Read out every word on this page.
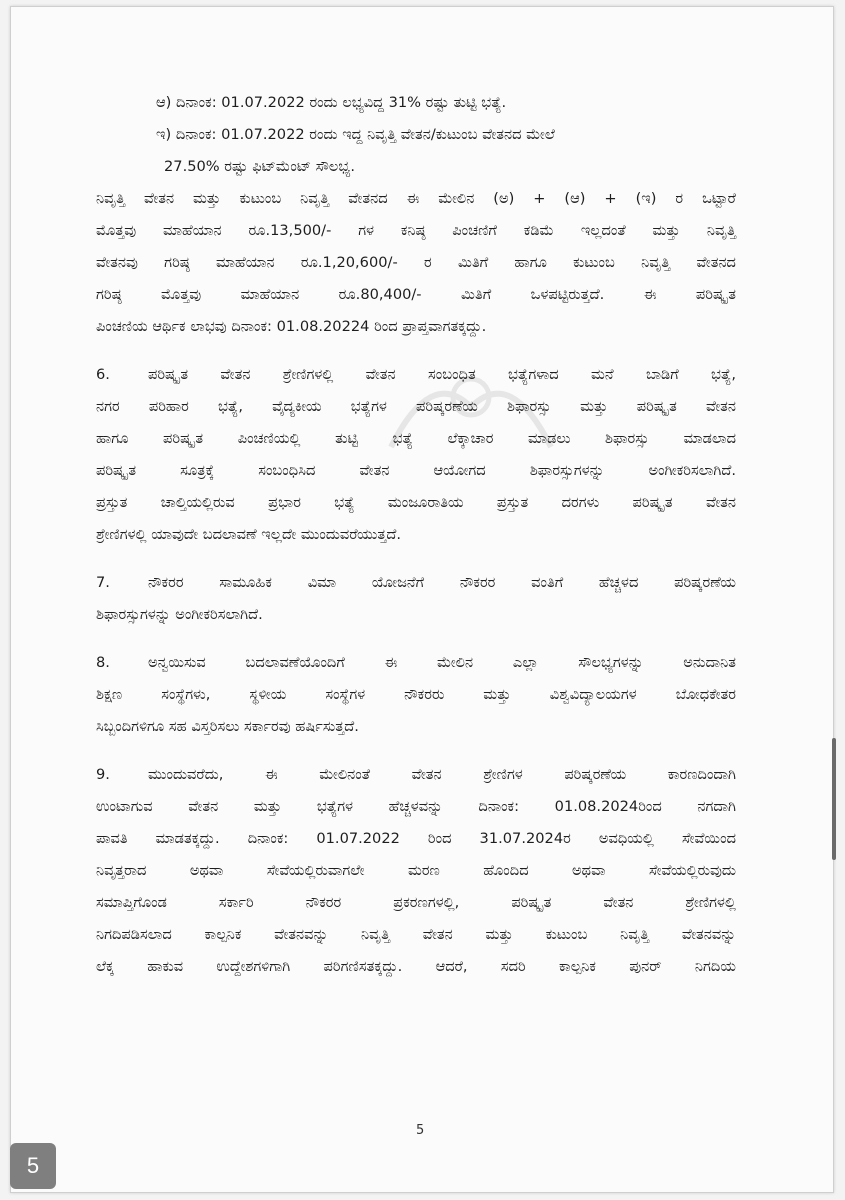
ಆ) ದಿನಾಂಕ: 01.07.2022 ರಂದು ಲಭ್ಯವಿದ್ದ 31% ರಷ್ಟು ತುಟ್ಟಿ ಭತ್ಯೆ.
ಇ) ದಿನಾಂಕ: 01.07.2022 ರಂದು ಇದ್ದ ನಿವೃತ್ತಿ ವೇತನ/ಕುಟುಂಬ ವೇತನದ ಮೇಲೆ
27.50% ರಷ್ಟು ಫಿಟ್‌ಮೆಂಟ್ ಸೌಲಭ್ಯ.
ನಿವೃತ್ತಿ ವೇತನ ಮತ್ತು ಕುಟುಂಬ ನಿವೃತ್ತಿ ವೇತನದ ಈ ಮೇಲಿನ (ಅ) + (ಆ) + (ಇ) ರ ಒಟ್ಟಾರೆ
ಮೊತ್ತವು ಮಾಹೆಯಾನ ರೂ.13,500/- ಗಳ ಕನಿಷ್ಠ ಪಿಂಚಣಿಗೆ ಕಡಿಮೆ ಇಲ್ಲದಂತೆ ಮತ್ತು ನಿವೃತ್ತಿ
ವೇತನವು ಗರಿಷ್ಠ ಮಾಹೆಯಾನ ರೂ.1,20,600/- ರ ಮಿತಿಗೆ ಹಾಗೂ ಕುಟುಂಬ ನಿವೃತ್ತಿ ವೇತನದ
ಗರಿಷ್ಠ ಮೊತ್ತವು ಮಾಹೆಯಾನ ರೂ.80,400/- ಮಿತಿಗೆ ಒಳಪಟ್ಟಿರುತ್ತದೆ. ಈ ಪರಿಷ್ಕೃತ
ಪಿಂಚಣಿಯ ಆರ್ಥಿಕ ಲಾಭವು ದಿನಾಂಕ: 01.08.20224 ರಿಂದ ಪ್ರಾಪ್ತವಾಗತಕ್ಕದ್ದು.
6.	ಪರಿಷ್ಕೃತ ವೇತನ ಶ್ರೇಣಿಗಳಲ್ಲಿ ವೇತನ ಸಂಬಂಧಿತ ಭತ್ಯೆಗಳಾದ ಮನೆ ಬಾಡಿಗೆ ಭತ್ಯೆ,
ನಗರ ಪರಿಹಾರ ಭತ್ಯೆ, ವೈದ್ಯಕೀಯ ಭತ್ಯೆಗಳ ಪರಿಷ್ಕರಣೆಯ ಶಿಫಾರಸ್ಸು ಮತ್ತು ಪರಿಷ್ಕೃತ ವೇತನ
ಹಾಗೂ ಪರಿಷ್ಕೃತ ಪಿಂಚಣಿಯಲ್ಲಿ ತುಟ್ಟಿ ಭತ್ಯೆ ಲೆಕ್ಕಾಚಾರ ಮಾಡಲು ಶಿಫಾರಸ್ಸು ಮಾಡಲಾದ
ಪರಿಷ್ಕೃತ ಸೂತ್ರಕ್ಕೆ ಸಂಬಂಧಿಸಿದ ವೇತನ ಆಯೋಗದ ಶಿಫಾರಸ್ಸುಗಳನ್ನು ಅಂಗೀಕರಿಸಲಾಗಿದೆ.
ಪ್ರಸ್ತುತ ಚಾಲ್ತಿಯಲ್ಲಿರುವ ಪ್ರಭಾರ ಭತ್ಯೆ ಮಂಜೂರಾತಿಯ ಪ್ರಸ್ತುತ ದರಗಳು ಪರಿಷ್ಕೃತ ವೇತನ
ಶ್ರೇಣಿಗಳಲ್ಲಿ ಯಾವುದೇ ಬದಲಾವಣೆ ಇಲ್ಲದೇ ಮುಂದುವರೆಯುತ್ತದೆ.
7.	ನೌಕರರ ಸಾಮೂಹಿಕ ವಿಮಾ ಯೋಜನೆಗೆ ನೌಕರರ ವಂತಿಗೆ ಹೆಚ್ಚಳದ ಪರಿಷ್ಕರಣೆಯ
ಶಿಫಾರಸ್ಸುಗಳನ್ನು ಅಂಗೀಕರಿಸಲಾಗಿದೆ.
8.	ಅನ್ವಯಿಸುವ ಬದಲಾವಣೆಯೊಂದಿಗೆ ಈ ಮೇಲಿನ ಎಲ್ಲಾ ಸೌಲಭ್ಯಗಳನ್ನು ಅನುದಾನಿತ
ಶಿಕ್ಷಣ ಸಂಸ್ಥೆಗಳು, ಸ್ಥಳೀಯ ಸಂಸ್ಥೆಗಳ ನೌಕರರು ಮತ್ತು ವಿಶ್ವವಿದ್ಯಾಲಯಗಳ ಬೋಧಕೇತರ
ಸಿಬ್ಬಂದಿಗಳಿಗೂ ಸಹ ವಿಸ್ತರಿಸಲು ಸರ್ಕಾರವು ಹರ್ಷಿಸುತ್ತದೆ.
9.	ಮುಂದುವರೆದು, ಈ ಮೇಲಿನಂತೆ ವೇತನ ಶ್ರೇಣಿಗಳ ಪರಿಷ್ಕರಣೆಯ ಕಾರಣದಿಂದಾಗಿ
ಉಂಟಾಗುವ ವೇತನ ಮತ್ತು ಭತ್ಯೆಗಳ ಹೆಚ್ಚಳವನ್ನು ದಿನಾಂಕ: 01.08.2024ರಿಂದ ನಗದಾಗಿ
ಪಾವತಿ ಮಾಡತಕ್ಕದ್ದು. ದಿನಾಂಕ: 01.07.2022 ರಿಂದ 31.07.2024ರ ಅವಧಿಯಲ್ಲಿ ಸೇವೆಯಿಂದ
ನಿವೃತ್ತರಾದ ಅಥವಾ ಸೇವೆಯಲ್ಲಿರುವಾಗಲೇ ಮರಣ ಹೊಂದಿದ ಅಥವಾ ಸೇವೆಯಲ್ಲಿರುವುದು
ಸಮಾಪ್ತಿಗೊಂಡ ಸರ್ಕಾರಿ ನೌಕರರ ಪ್ರಕರಣಗಳಲ್ಲಿ, ಪರಿಷ್ಕೃತ ವೇತನ ಶ್ರೇಣಿಗಳಲ್ಲಿ
ನಿಗದಿಪಡಿಸಲಾದ ಕಾಲ್ಪನಿಕ ವೇತನವನ್ನು ನಿವೃತ್ತಿ ವೇತನ ಮತ್ತು ಕುಟುಂಬ ನಿವೃತ್ತಿ ವೇತನವನ್ನು
ಲೆಕ್ಕ ಹಾಕುವ ಉದ್ದೇಶಗಳಿಗಾಗಿ ಪರಿಗಣಿಸತಕ್ಕದ್ದು. ಆದರೆ, ಸದರಿ ಕಾಲ್ಪನಿಕ ಪುನರ್ ನಿಗದಿಯ
5
5
